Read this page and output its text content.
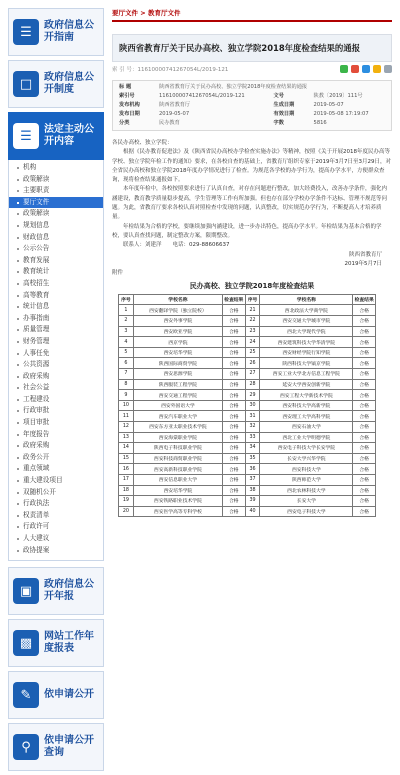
☰ 政府信息公开指南
□ 政府信息公开制度
☰ 法定主动公开内容
机构
政策解读
主要职责
要厅文件
政策解读
规划信息
财政信息
公示公告
教育发展
教育统计
高校招生
高等教育
统计信息
办事指南
质量管理
财务管理
人事任免
公共资源
政府采购
社会公益
工程建设
行政审批
项目审批
年度报告
政府采购
政务公开
重点领域
重大建设项目
双随机公开
行政执法
权责清单
行政许可
人大建议
政协提案
▣ 政府信息公开年报
▩ 网站工作年度报表
✎ 依申请公开
⚲ 依申请公开查询
要厅文件 > 教育厅文件
陕西省教育厅关于民办高校、独立学院2018年度检查结果的通报
索 引 号：11610000741267054L/2019-121
标 题	陕西省教育厅关于民办高校、独立学院2018年度检查结果的通报		
索引号	11610000741267054L/2019-121	文号	陕教〔2019〕111号
发布机构	陕西省教育厅	生成日期	2019-05-07
发布日期	2019-05-07	有效日期	2019-05-08 17:19:07
分类	民办教育	字数	5816

各民办高校、独立学院：

根据《民办教育促进法》及《陕西省民办高校办学检查实施办法》等精神，按照《关于开展2018年度民办高等学校、独立学院年检工作的通知》要求，在各校自查的基础上，省教育厅组织专家于2019年3月7日至3月29日，对全省民办高校和独立学院2018年度办学情况进行了检查。为规范各学校的办学行为，提高办学水平，方便群众查询，现将检查结果通报如下。

本年度年检中，各校按照要求进行了认真自查，对存在问题进行整改，加大经费投入，改善办学条件，强化内涵建设，教育教学质量稳步提高，学生管理等工作有所加强。但也存在部分学校办学条件不达标、管理不规范等问题。为此，省教育厅要求各校认真对照检查中发现的问题，认真整改，切实规范办学行为，不断提高人才培养质量。

年检结果为合格的学校，要继续加强内涵建设，进一步办出特色，提高办学水平。年检结果为基本合格的学校，要认真查找问题，制定整改方案，限期整改。

联系人：刘建洋　　电话：029-88606637

陕西省教育厅

2019年5月7日

附件

民办高校、独立学院2018年度检查结果
序号	学校名称	检查结果	序号	学校名称	检查结果
1	西安翻译学院（独立院校）	合格	21	西北政法大学商学院	合格
2	西安外事学院	合格	22	西安交通大学城市学院	合格
3	西安欧亚学院	合格	23	西北大学现代学院	合格
4	西京学院	合格	24	西安建筑科技大学华清学院	合格
5	西安培华学院	合格	25	西安财经学院行知学院	合格
6	陕西国际商贸学院	合格	26	陕西科技大学镐京学院	合格
7	西安思源学院	合格	27	西安工业大学北方信息工程学院	合格
8	陕西服装工程学院	合格	28	延安大学西安创新学院	合格
9	西安交通工程学院	合格	29	西安工程大学新技术学院	合格
10	西安外国语大学	合格	30	西安科技大学高新学院	合格
11	西安汽车职业大学	合格	31	西安理工大学高科学院	合格
12	西安东方亚太职业技术学院	合格	32	西安石油大学	合格
13	西安海棠职业学院	合格	33	西北工业大学明德学院	合格
14	陕西电子科技职业学院	合格	34	西安电子科技大学长安学院	合格
15	西安科技商贸职业学院	合格	35	长安大学兴华学院	合格
16	西安高新科技职业学院	合格	36	西安科技大学	合格
17	西安信息职业大学	合格	37	陕西师范大学	合格
18	西安培华学院	合格	38	西北农林科技大学	合格
19	西安铁路职业技术学院	合格	39	长安大学	合格
20	西安医学高等专科学校	合格	40	西安电子科技大学	合格
